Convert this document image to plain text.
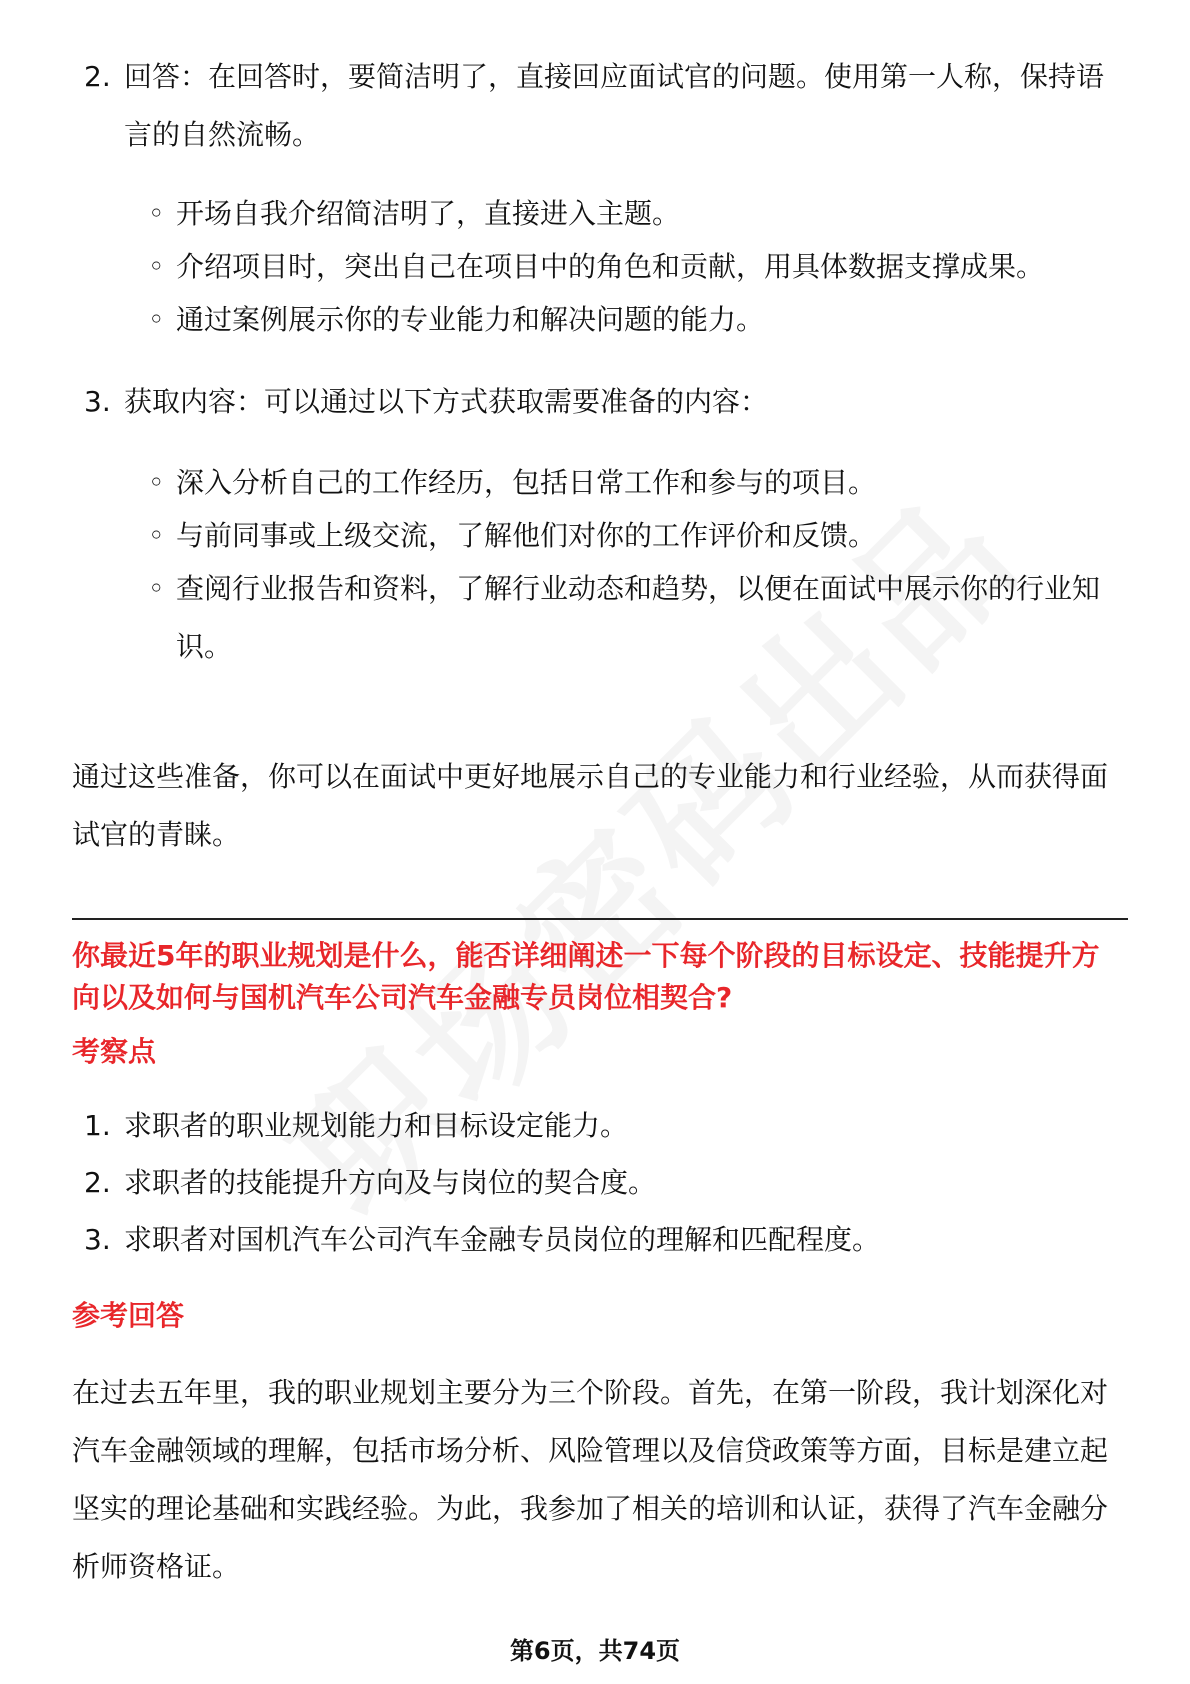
2. 回答：在回答时，要简洁明了，直接回应面试官的问题。使用第一人称，保持语言的自然流畅。
◦ 开场自我介绍简洁明了，直接进入主题。
◦ 介绍项目时，突出自己在项目中的角色和贡献，用具体数据支撑成果。
◦ 通过案例展示你的专业能力和解决问题的能力。
3. 获取内容：可以通过以下方式获取需要准备的内容：
◦ 深入分析自己的工作经历，包括日常工作和参与的项目。
◦ 与前同事或上级交流，了解他们对你的工作评价和反馈。
◦ 查阅行业报告和资料，了解行业动态和趋势，以便在面试中展示你的行业知识。
通过这些准备，你可以在面试中更好地展示自己的专业能力和行业经验，从而获得面试官的青睐。
你最近5年的职业规划是什么，能否详细阐述一下每个阶段的目标设定、技能提升方向以及如何与国机汽车公司汽车金融专员岗位相契合?
考察点
1. 求职者的职业规划能力和目标设定能力。
2. 求职者的技能提升方向及与岗位的契合度。
3. 求职者对国机汽车公司汽车金融专员岗位的理解和匹配程度。
参考回答
在过去五年里，我的职业规划主要分为三个阶段。首先，在第一阶段，我计划深化对汽车金融领域的理解，包括市场分析、风险管理以及信贷政策等方面，目标是建立起坚实的理论基础和实践经验。为此，我参加了相关的培训和认证，获得了汽车金融分析师资格证。
第6页，共74页
